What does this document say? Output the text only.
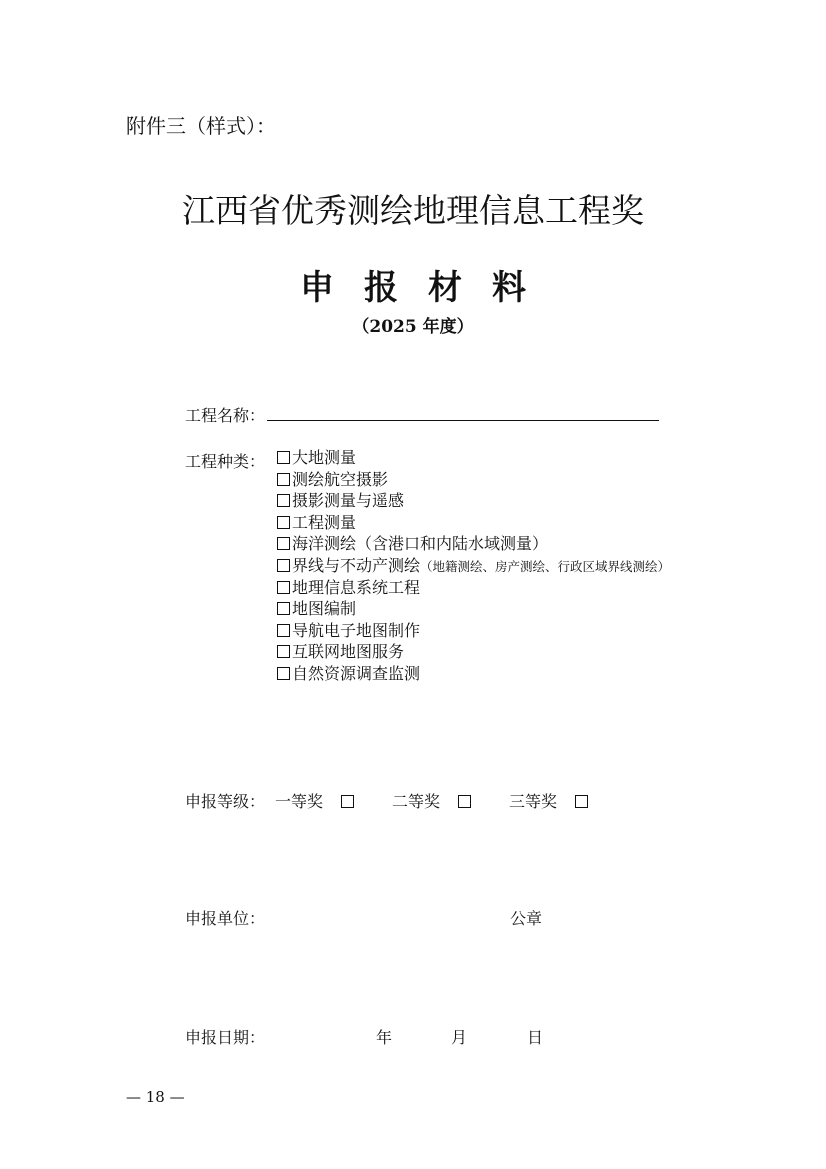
附件三（样式）：
江西省优秀测绘地理信息工程奖
申 报 材 料
（2025 年度）
工程名称：
工程种类：	大地测量
测绘航空摄影
摄影测量与遥感
工程测量
海洋测绘（含港口和内陆水域测量）
界线与不动产测绘（地籍测绘、房产测绘、行政区域界线测绘）
地理信息系统工程
地图编制
导航电子地图制作
互联网地图服务
自然资源调查监测
申报等级： 一等奖	二等奖	三等奖
申报单位：	公章
申报日期：	年	月	日
— 18 —
